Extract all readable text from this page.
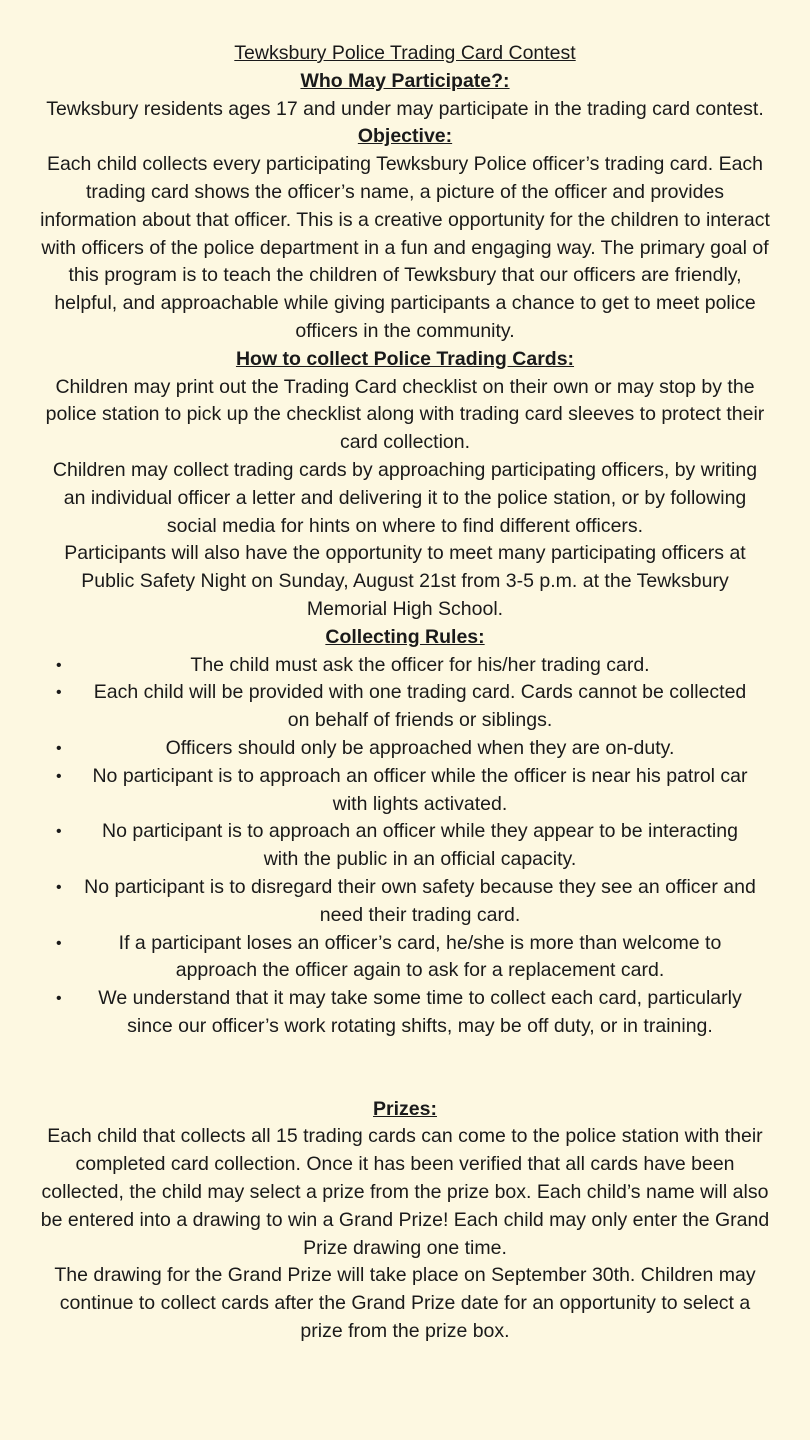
Tewksbury Police Trading Card Contest

Who May Participate?:

Tewksbury residents ages 17 and under may participate in the trading card contest.

Objective:

Each child collects every participating Tewksbury Police officer’s trading card. Each trading card shows the officer’s name, a picture of the officer and provides information about that officer. This is a creative opportunity for the children to interact with officers of the police department in a fun and engaging way. The primary goal of this program is to teach the children of Tewksbury that our officers are friendly, helpful, and approachable while giving participants a chance to get to meet police officers in the community.

How to collect Police Trading Cards:

Children may print out the Trading Card checklist on their own or may stop by the police station to pick up the checklist along with trading card sleeves to protect their card collection.

Children may collect trading cards by approaching participating officers, by writing an individual officer a letter and delivering it to the police station, or by following social media for hints on where to find different officers.

Participants will also have the opportunity to meet many participating officers at Public Safety Night on Sunday, August 21st from 3-5 p.m. at the Tewksbury Memorial High School.

Collecting Rules:

•	The child must ask the officer for his/her trading card.
• Each child will be provided with one trading card. Cards cannot be collected on behalf of friends or siblings.
•	Officers should only be approached when they are on-duty.
• No participant is to approach an officer while the officer is near his patrol car with lights activated.
• No participant is to approach an officer while they appear to be interacting with the public in an official capacity.
• No participant is to disregard their own safety because they see an officer and need their trading card.
•	If a participant loses an officer’s card, he/she is more than welcome to approach the officer again to ask for a replacement card.
• We understand that it may take some time to collect each card, particularly since our officer’s work rotating shifts, may be off duty, or in training.

Prizes:

Each child that collects all 15 trading cards can come to the police station with their completed card collection. Once it has been verified that all cards have been collected, the child may select a prize from the prize box. Each child’s name will also be entered into a drawing to win a Grand Prize! Each child may only enter the Grand Prize drawing one time.

The drawing for the Grand Prize will take place on September 30th. Children may continue to collect cards after the Grand Prize date for an opportunity to select a prize from the prize box.
